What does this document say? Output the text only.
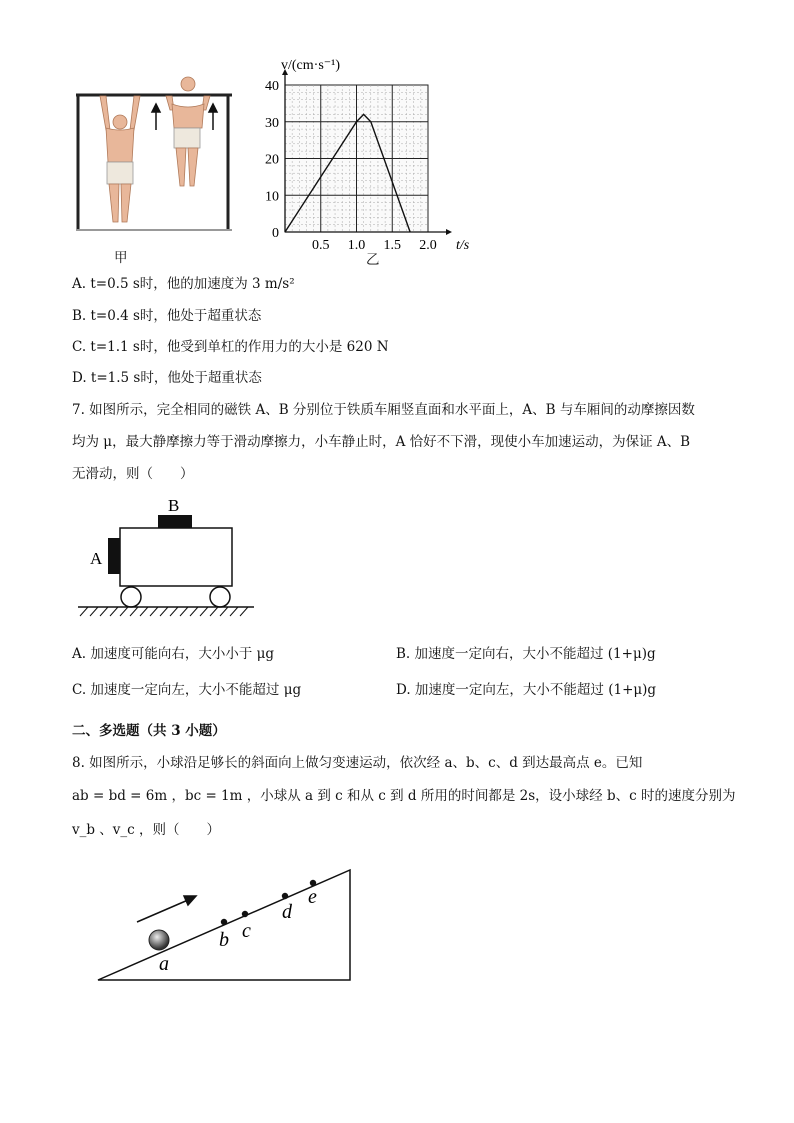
甲
0
10
20
30
40
0.5 1.0 1.5 2.0
v/(cm·s⁻¹)
t/s
乙
A. t=0.5 s时，他的加速度为 3 m/s²
B. t=0.4 s时，他处于超重状态
C. t=1.1 s时，他受到单杠的作用力的大小是 620 N
D. t=1.5 s时，他处于超重状态
7. 如图所示，完全相同的磁铁 A、B 分别位于铁质车厢竖直面和水平面上，A、B 与车厢间的动摩擦因数
均为 μ，最大静摩擦力等于滑动摩擦力，小车静止时，A 恰好不下滑，现使小车加速运动，为保证 A、B
无滑动，则（　　）
B
A
A. 加速度可能向右，大小小于 μg	B. 加速度一定向右，大小不能超过 (1+μ)g
C. 加速度一定向左，大小不能超过 μg	D. 加速度一定向左，大小不能超过 (1+μ)g
二、多选题（共 3 小题）
8. 如图所示，小球沿足够长的斜面向上做匀变速运动，依次经 a、b、c、d 到达最高点 e。已知
ab = bd = 6m ，bc = 1m ，小球从 a 到 c 和从 c 到 d 所用的时间都是 2s，设小球经 b、c 时的速度分别为
v_b 、v_c ，则（　　）
a
b c
d
e
